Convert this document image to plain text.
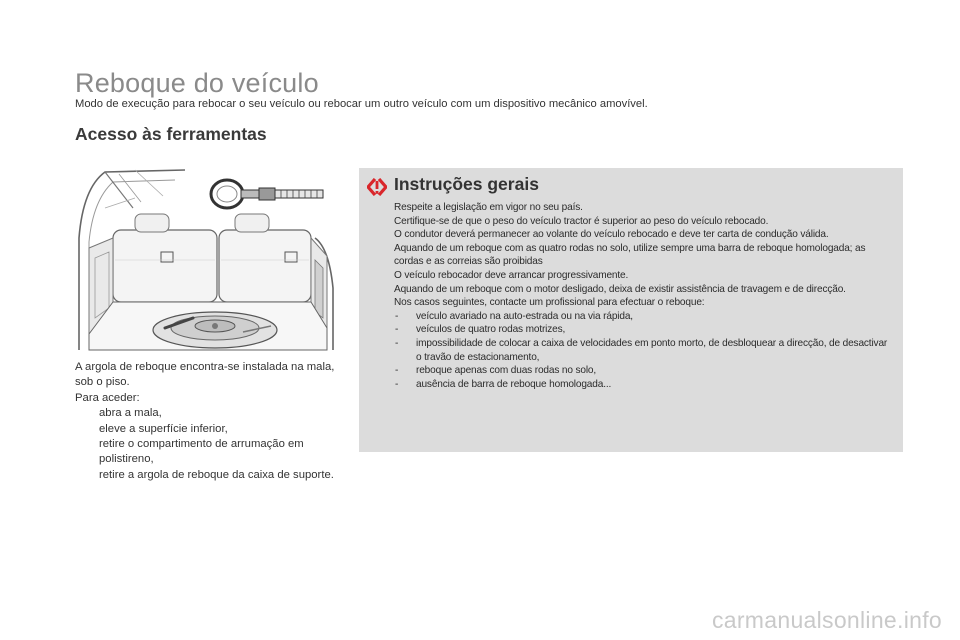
Reboque do veículo
Modo de execução para rebocar o seu veículo ou rebocar um outro veículo com um dispositivo mecânico amovível.
Acesso às ferramentas

A argola de reboque encontra-se instalada na mala, sob o piso.

Para aceder:

abra a mala,
eleve a superfície inferior,
retire o compartimento de arrumação em polistireno,
retire a argola de reboque da caixa de suporte.
Instruções gerais

Respeite a legislação em vigor no seu país.

Certifique-se de que o peso do veículo tractor é superior ao peso do veículo rebocado.

O condutor deverá permanecer ao volante do veículo rebocado e deve ter carta de condução válida.

Aquando de um reboque com as quatro rodas no solo, utilize sempre uma barra de reboque homologada; as cordas e as correias são proibidas

O veículo rebocador deve arrancar progressivamente.

Aquando de um reboque com o motor desligado, deixa de existir assistência de travagem e de direcção.

Nos casos seguintes, contacte um profissional para efectuar o reboque:

- veículo avariado na auto-estrada ou na via rápida,
- veículos de quatro rodas motrizes,
- impossibilidade de colocar a caixa de velocidades em ponto morto, de desbloquear a direcção, de desactivar o travão de estacionamento,
- reboque apenas com duas rodas no solo,
- ausência de barra de reboque homologada...
carmanualsonline.info
